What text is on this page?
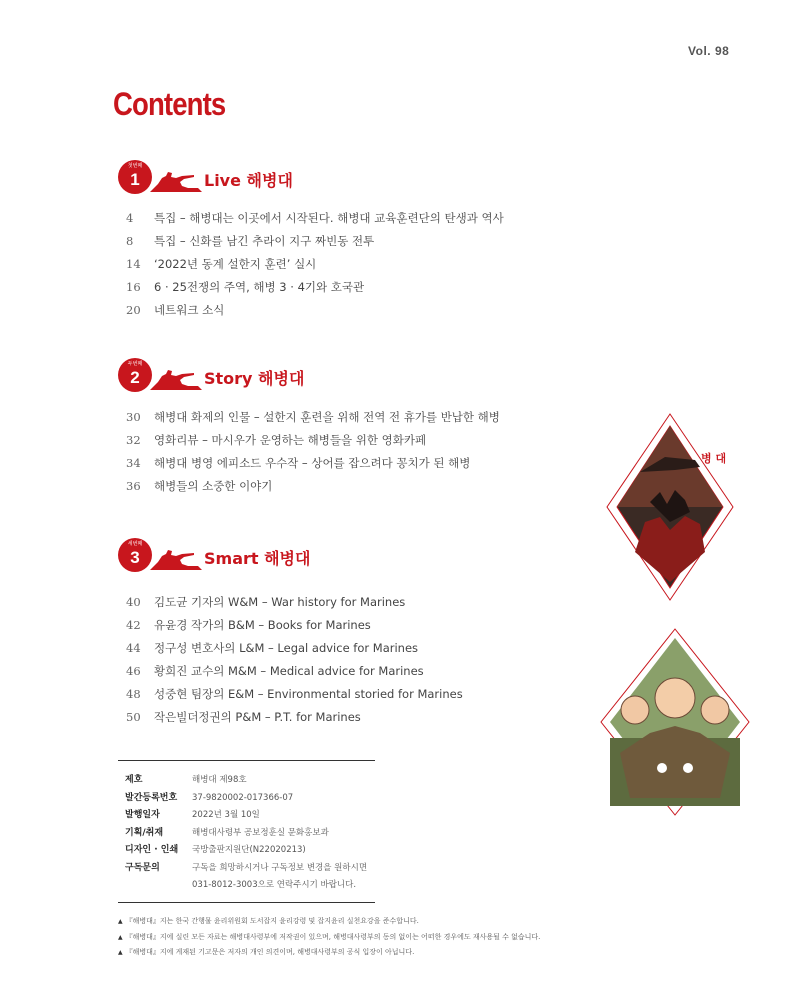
Vol. 98
Contents
첫번째
1	Live 해병대
4 특집 – 해병대는 이곳에서 시작된다. 해병대 교육훈련단의 탄생과 역사
8 특집 – 신화를 남긴 추라이 지구 짜빈동 전투
14 ‘2022년 동계 설한지 훈련’ 실시
16 6 · 25전쟁의 주역, 해병 3 · 4기와 호국관
20 네트워크 소식
두번째
2	Story 해병대
30 해병대 화제의 인물 – 설한지 훈련을 위해 전역 전 휴가를 반납한 해병
32 영화리뷰 – 마시우가 운영하는 해병들을 위한 영화카페
34 해병대 병영 에피소드 우수작 – 상어를 잡으려다 꽁치가 된 해병
36 해병들의 소중한 이야기
세번째
3	Smart 해병대
40 김도균 기자의 W&M – War history for Marines
42 유윤경 작가의 B&M – Books for Marines
44 정구성 변호사의 L&M – Legal advice for Marines
46 황희진 교수의 M&M – Medical advice for Marines
48 성중현 팀장의 E&M – Environmental storied for Marines
50 작은빌더정권의 P&M – P.T. for Marines
병 대
제호	해병대 제98호
발간등록번호	37-9820002-017366-07
발행일자	2022년 3월 10일
기획/취재	해병대사령부 공보정훈실 문화홍보과
디자인 · 인쇄	국방출판지원단(N22020213)
구독문의	구독을 희망하시거나 구독정보 변경을 원하시면
031-8012-3003으로 연락주시기 바랍니다.
▲ 『해병대』지는 한국 간행물 윤리위원회 도서잡지 윤리강령 및 잡지윤리 실천요강을 준수합니다.
▲ 『해병대』지에 실린 모든 자료는 해병대사령부에 저작권이 있으며, 해병대사령부의 동의 없이는 어떠한 경우에도 재사용될 수 없습니다.
▲ 『해병대』지에 게재된 기고문은 저자의 개인 의견이며, 해병대사령부의 공식 입장이 아닙니다.
